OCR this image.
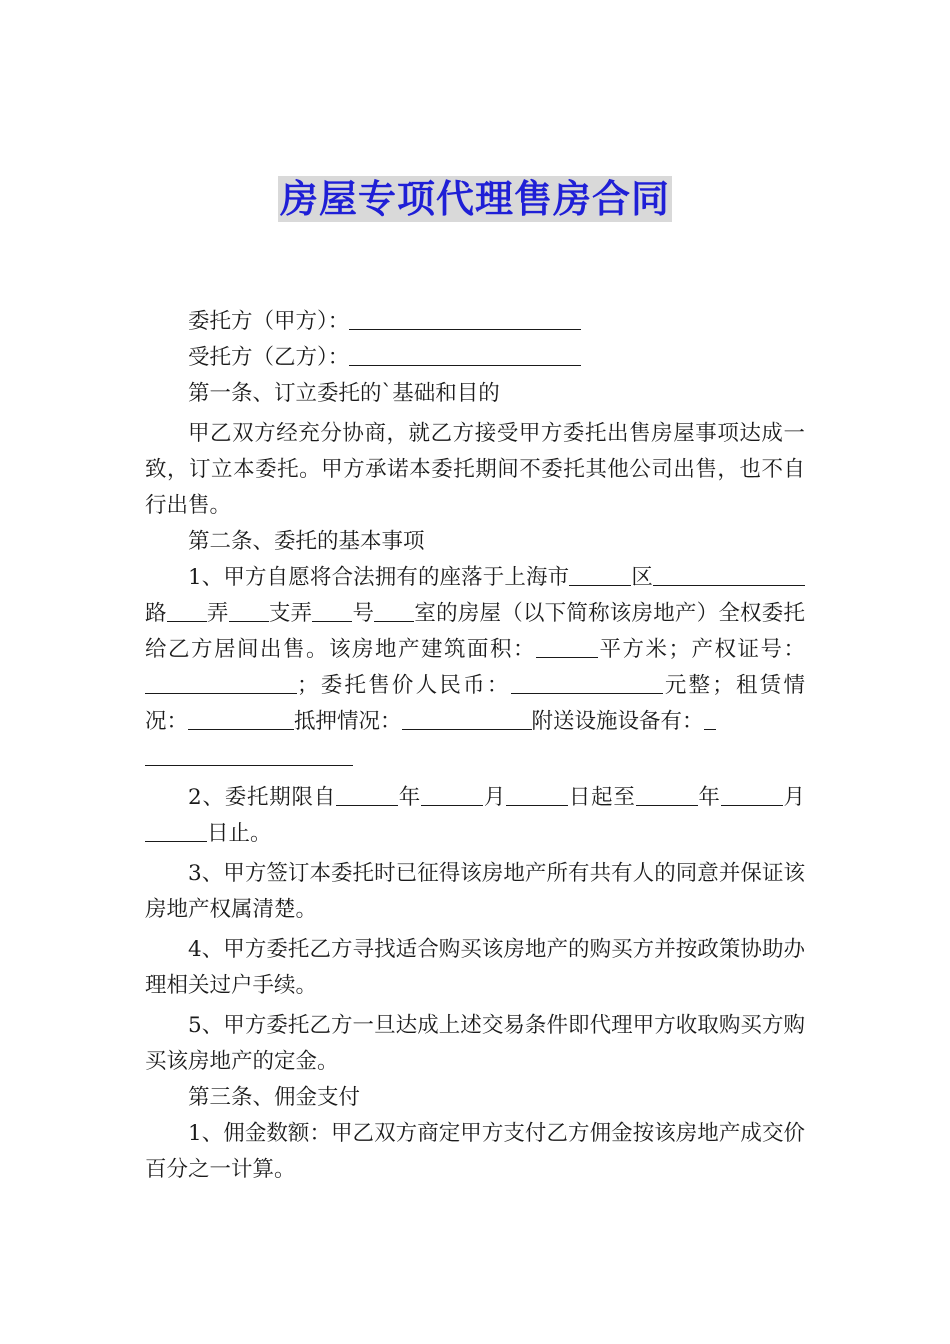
房屋专项代理售房合同

委托方（甲方）：

受托方（乙方）：

第一条、订立委托的`基础和目的

甲乙双方经充分协商，就乙方接受甲方委托出售房屋事项达成一致，订立本委托。甲方承诺本委托期间不委托其他公司出售，也不自行出售。

第二条、委托的基本事项

1、甲方自愿将合法拥有的座落于上海市	区路 弄 支弄 号 室的房屋（以下简称该房地产）全权委托给乙方居间出售。该房地产建筑面积：	平方米；产权证号：；委托售价人民币：	元整；租赁情况：	抵押情况：	附送设施设备有：

2、委托期限自	年	月	日起至	年	月日止。

3、甲方签订本委托时已征得该房地产所有共有人的同意并保证该房地产权属清楚。

4、甲方委托乙方寻找适合购买该房地产的购买方并按政策协助办理相关过户手续。

5、甲方委托乙方一旦达成上述交易条件即代理甲方收取购买方购买该房地产的定金。

第三条、佣金支付

1、佣金数额：甲乙双方商定甲方支付乙方佣金按该房地产成交价百分之一计算。
